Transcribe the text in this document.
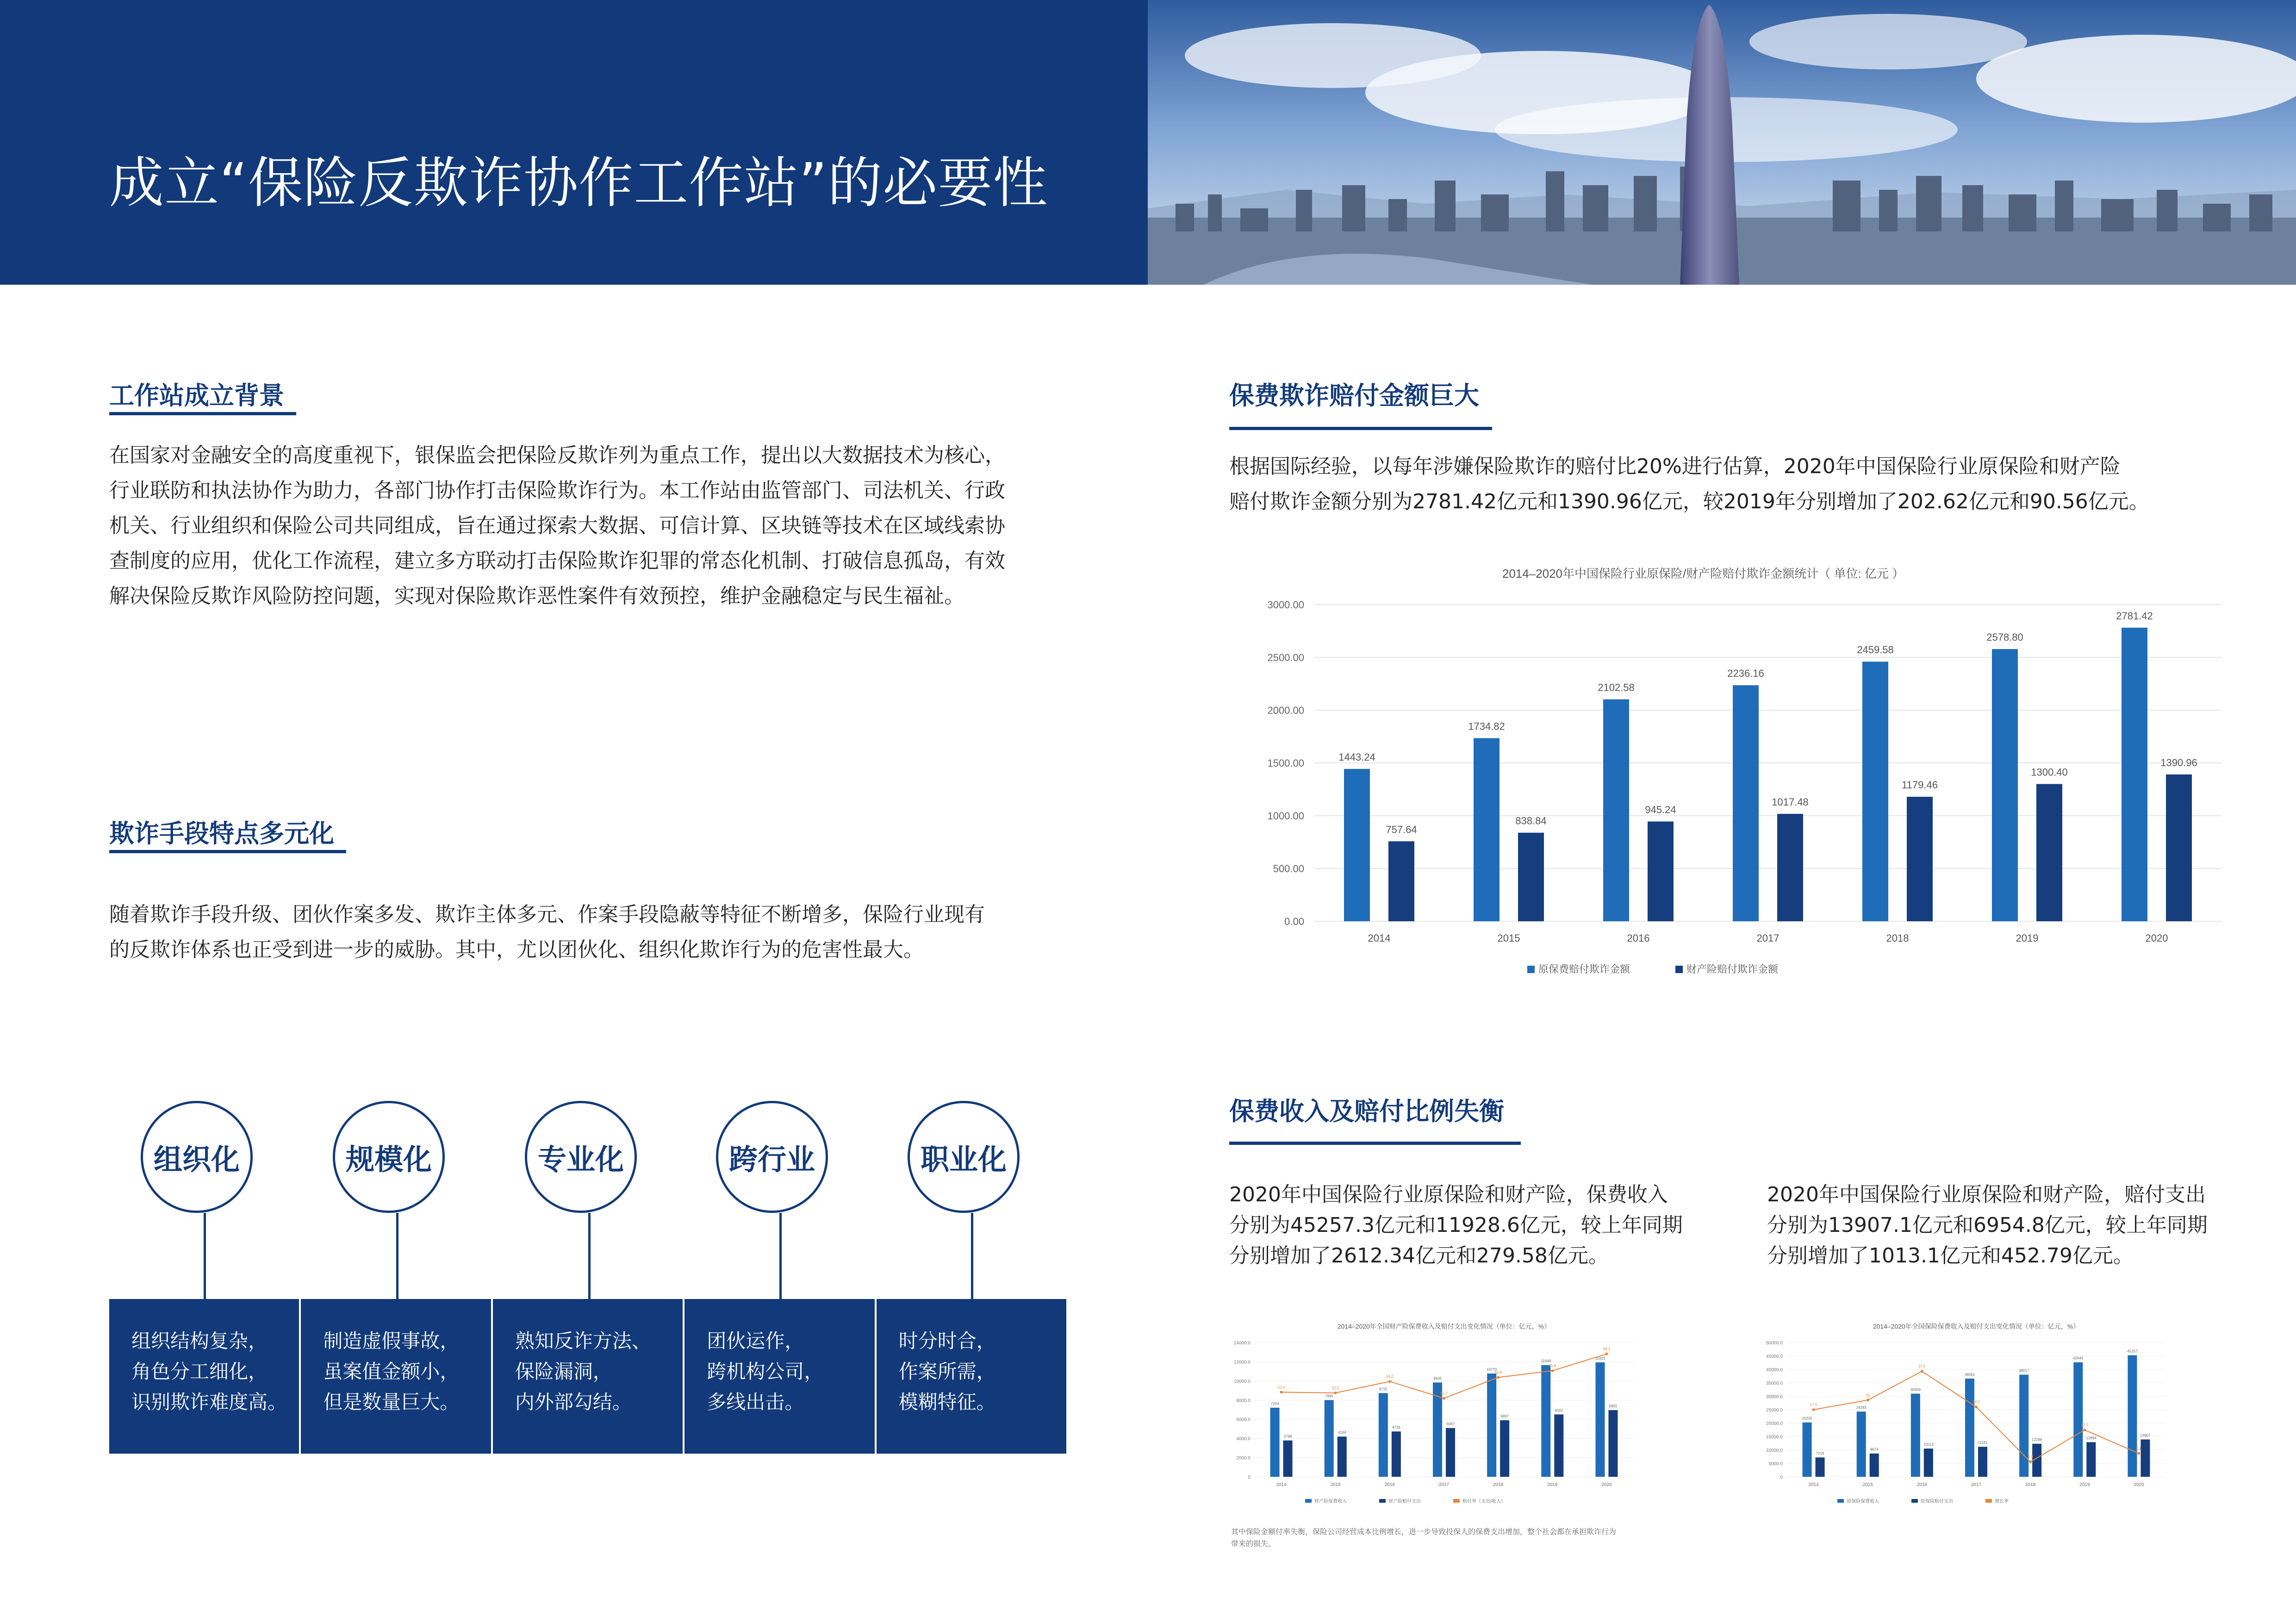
成立“保险反欺诈协作工作站”的必要性
工作站成立背景
在国家对金融安全的高度重视下，银保监会把保险反欺诈列为重点工作，提出以大数据技术为核心，
行业联防和执法协作为助力，各部门协作打击保险欺诈行为。本工作站由监管部门、司法机关、行政
机关、行业组织和保险公司共同组成，旨在通过探索大数据、可信计算、区块链等技术在区域线索协
查制度的应用，优化工作流程，建立多方联动打击保险欺诈犯罪的常态化机制、打破信息孤岛，有效
解决保险反欺诈风险防控问题，实现对保险欺诈恶性案件有效预控，维护金融稳定与民生福祉。
欺诈手段特点多元化
随着欺诈手段升级、团伙作案多发、欺诈主体多元、作案手段隐蔽等特征不断增多，保险行业现有
的反欺诈体系也正受到进一步的威胁。其中，尤以团伙化、组织化欺诈行为的危害性最大。
组织化	规模化	专业化	跨行业	职业化
组织结构复杂，
角色分工细化，
识别欺诈难度高。
制造虚假事故，
虽案值金额小，
但是数量巨大。
熟知反诈方法、
保险漏洞，
内外部勾结。
团伙运作，
跨机构公司，
多线出击。
时分时合，
作案所需，
模糊特征。
保费欺诈赔付金额巨大
根据国际经验，以每年涉嫌保险欺诈的赔付比20%进行估算，2020年中国保险行业原保险和财产险
赔付欺诈金额分别为2781.42亿元和1390.96亿元，较2019年分别增加了202.62亿元和90.56亿元。
2014–2020年中国保险行业原保险/财产险赔付欺诈金额统计（ 单位: 亿元 ）
0.00
500.00
1000.00
1500.00
2000.00
2500.00
3000.00
1443.24
757.64
2014
1734.82
838.84
2015
2102.58
945.24
2016
2236.16
1017.48
2017
2459.58
1179.46
2018
2578.80
1300.40
2019
2781.42
1390.96
2020
原保费赔付欺诈金额	财产险赔付欺诈金额
保费收入及赔付比例失衡
2020年中国保险行业原保险和财产险，保费收入
分别为45257.3亿元和11928.6亿元，较上年同期
分别增加了2612.34亿元和279.58亿元。
2020年中国保险行业原保险和财产险，赔付支出
分别为13907.1亿元和6954.8亿元，较上年同期
分别增加了1013.1亿元和452.79亿元。
2014–2020年全国财产险保费收入及赔付支出变化情况（单位：亿元，%）
0
2000.0
4000.0
6000.0
8000.0
10000.0
12000.0
14000.0
7203
3788
2014
7995
4194
2015
8725
4726
2016
9835
5087
2017
10770
5897
2018
11649
6502
2019
11929
6955
2020
52.6	52.5
54.2
51.7
54.8
55.8
58.3
财产险保费收入	财产险赔付支出	赔付率（支出/收入）
2014–2020年全国保险保费收入及赔付支出变化情况（单位：亿元，%）
0
5000.0
10000.0
15000.0
20000.0
25000.0
30000.0
35000.0
40000.0
45000.0
50000.0
20235
7216
2014
24283
8674
2015
30959
10513
2016
36581
11181
2017
38017
12298
2018
42645
12894
2019
45257
13907
2020
17.5
20
27.5
18.2
3.9
12.2
6.1
原保险保费收入	原保险赔付支出	增长率
其中保险金额付率失衡，保险公司经营成本比例增长，进一步导致投保人的保费支出增加，整个社会都在承担欺诈行为
带来的损失。
